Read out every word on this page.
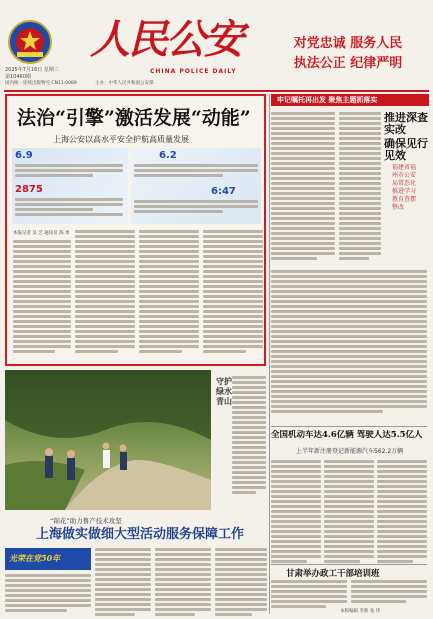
2025年7月16日 星期三
第10460期
国内统一连续出版物号 CN11-0089
人民公安
CHINA POLICE DAILY
主办：中华人民共和国公安部
对党忠诚 服务人民
执法公正 纪律严明
法治“引擎”激活发展“动能”
上海公安以高水平安全护航高质量发展
6.9
2875
6.2
6:47
本报记者 吴 艺 通讯员 陈 勇
牢记嘱托再出发 聚焦主题抓落实
推进深查实改
确保见行见效
福建省福州市公安局常态化推进学习教育查摆整改
守护绿水青山
“锦花”助力鲁产技术攻坚
上海做实做细大型活动服务保障工作
光荣在党50年
全国机动车达4.6亿辆 驾驶人达5.5亿人
上半年新注册登记新能源汽车562.2万辆
甘肃举办政工干部培训班
本版编辑 李新 张 伟
